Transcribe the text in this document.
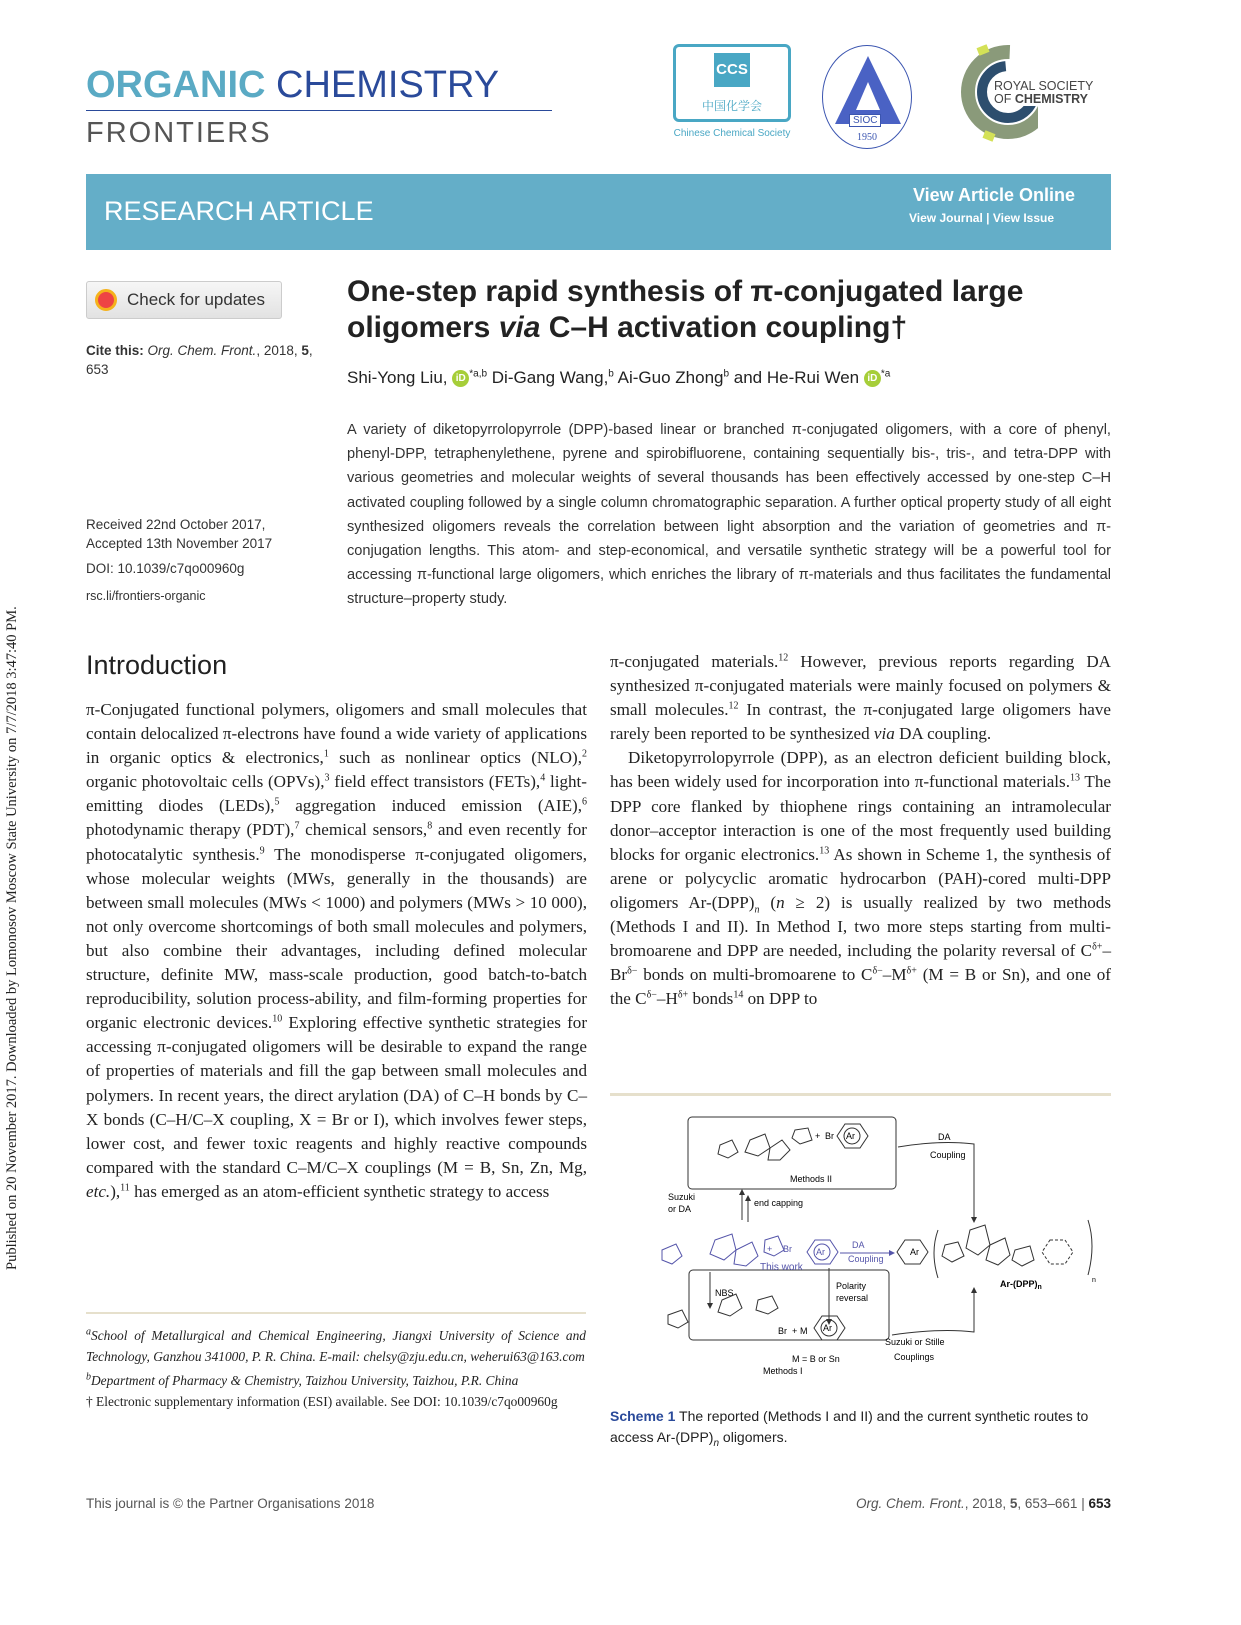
Published on 20 November 2017. Downloaded by Lomonosov Moscow State University on 7/7/2018 3:47:40 PM.
ORGANIC CHEMISTRY
FRONTIERS
CCS
中国化学会
Chinese Chemical Society
SIOC
1950
ROYAL SOCIETY
OF CHEMISTRY
RESEARCH ARTICLE
View Article Online
View Journal | View Issue
Check for updates
Cite this: Org. Chem. Front., 2018, 5,
653
Received 22nd October 2017,
Accepted 13th November 2017
DOI: 10.1039/c7qo00960g
rsc.li/frontiers-organic
One-step rapid synthesis of π-conjugated large
oligomers via C–H activation coupling†
Shi-Yong Liu, iD $^{*a,b}$ Di-Gang Wang,$^b$ Ai-Guo Zhong$^b$ and He-Rui Wen iD $^{*a}$
A variety of diketopyrrolopyrrole (DPP)-based linear or branched π-conjugated oligomers, with a core of phenyl, phenyl-DPP, tetraphenylethene, pyrene and spirobifluorene, containing sequentially bis-, tris-, and tetra-DPP with various geometries and molecular weights of several thousands has been effectively accessed by one-step C–H activated coupling followed by a single column chromatographic separation. A further optical property study of all eight synthesized oligomers reveals the correlation between light absorption and the variation of geometries and π-conjugation lengths. This atom- and step-economical, and versatile synthetic strategy will be a powerful tool for accessing π-functional large oligomers, which enriches the library of π-materials and thus facilitates the fundamental structure–property study.
Introduction

π-Conjugated functional polymers, oligomers and small molecules that contain delocalized π-electrons have found a wide variety of applications in organic optics & electronics,$^1$ such as nonlinear optics (NLO),$^2$ organic photovoltaic cells (OPVs),$^3$ field effect transistors (FETs),$^4$ light-emitting diodes (LEDs),$^5$ aggregation induced emission (AIE),$^6$ photodynamic therapy (PDT),$^7$ chemical sensors,$^8$ and even recently for photocatalytic synthesis.$^9$ The monodisperse π-conjugated oligomers, whose molecular weights (MWs, generally in the thousands) are between small molecules (MWs < 1000) and polymers (MWs > 10 000), not only overcome shortcomings of both small molecules and polymers, but also combine their advantages, including defined molecular structure, definite MW, mass-scale production, good batch-to-batch reproducibility, solution process-ability, and film-forming properties for organic electronic devices.$^{10}$ Exploring effective synthetic strategies for accessing π-conjugated oligomers will be desirable to expand the range of properties of materials and fill the gap between small molecules and polymers. In recent years, the direct arylation (DA) of C–H bonds by C–X bonds (C–H/C–X coupling, X = Br or I), which involves fewer steps, lower cost, and fewer toxic reagents and highly reactive compounds compared with the standard C–M/C–X couplings (M = B, Sn, Zn, Mg, etc.),$^{11}$ has emerged as an atom-efficient synthetic strategy to access

π-conjugated materials.$^{12}$ However, previous reports regarding DA synthesized π-conjugated materials were mainly focused on polymers & small molecules.$^{12}$ In contrast, the π-conjugated large oligomers have rarely been reported to be synthesized via DA coupling.

Diketopyrrolopyrrole (DPP), as an electron deficient building block, has been widely used for incorporation into π-functional materials.$^{13}$ The DPP core flanked by thiophene rings containing an intramolecular donor–acceptor interaction is one of the most frequently used building blocks for organic electronics.$^{13}$ As shown in Scheme 1, the synthesis of arene or polycyclic aromatic hydrocarbon (PAH)-cored multi-DPP oligomers $Ar-(DPP)_n$ (n ≥ 2) is usually realized by two methods (Methods I and II). In Method I, two more steps starting from multi-bromoarene and DPP are needed, including the polarity reversal of $C^{\delta+}-Br^{\delta-}$ bonds on multi-bromoarene to $C^{\delta-}-M^{\delta+}$ (M = B or Sn), and one of the $C^{\delta-}-H^{\delta+}$ bonds$^{14}$ on DPP to

$^a$School of Metallurgical and Chemical Engineering, Jiangxi University of Science and Technology, Ganzhou 341000, P. R. China. E-mail: chelsy@zju.edu.cn, weherui63@163.com
$^b$Department of Pharmacy & Chemistry, Taizhou University, Taizhou, P.R. China
† Electronic supplementary information (ESI) available. See DOI: 10.1039/c7qo00960g
Methods II
+ Br Ar	DA
Coupling
Suzuki
or DA
end capping
+ Br	Ar
This work
DA
Coupling
Ar
n
$Ar-(DPP)_n$
NBS
Polarity
reversal
Br + M Ar
M = B or Sn
Methods I
Suzuki or Stille
Couplings
Scheme 1 The reported (Methods I and II) and the current synthetic routes to access $Ar-(DPP)_n$ oligomers.
This journal is © the Partner Organisations 2018	Org. Chem. Front., 2018, 5, 653–661 | 653
